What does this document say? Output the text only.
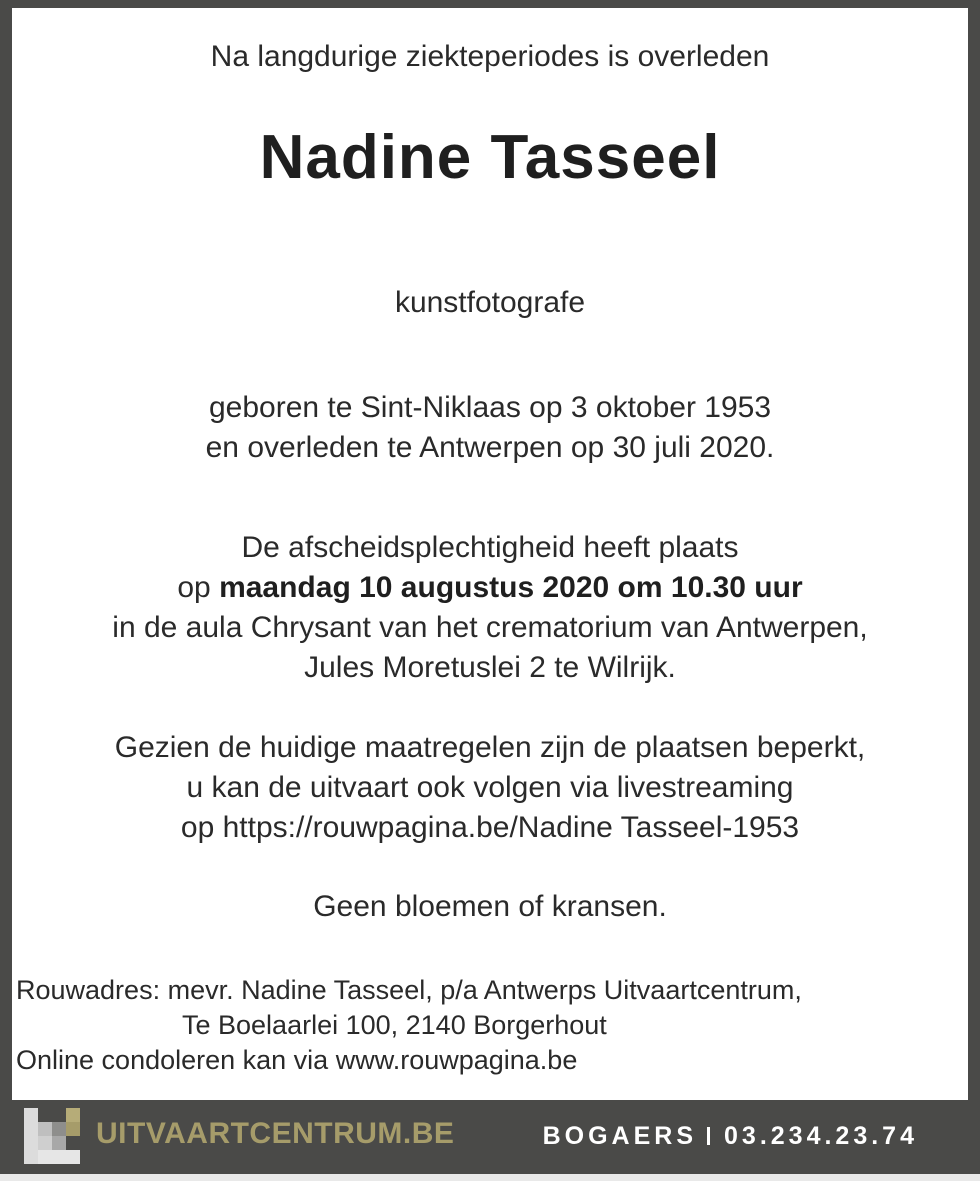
Na langdurige ziekteperiodes is overleden
Nadine Tasseel
kunstfotografe
geboren te Sint-Niklaas op 3 oktober 1953
en overleden te Antwerpen op 30 juli 2020.
De afscheidsplechtigheid heeft plaats
op maandag 10 augustus 2020 om 10.30 uur
in de aula Chrysant van het crematorium van Antwerpen,
Jules Moretuslei 2 te Wilrijk.
Gezien de huidige maatregelen zijn de plaatsen beperkt,
u kan de uitvaart ook volgen via livestreaming
op https://rouwpagina.be/Nadine Tasseel-1953
Geen bloemen of kransen.
Rouwadres: mevr. Nadine Tasseel, p/a Antwerps Uitvaartcentrum,
Te Boelaarlei 100, 2140 Borgerhout
Online condoleren kan via www.rouwpagina.be
UITVAARTCENTRUM.BE	BOGAERS 03.234.23.74
